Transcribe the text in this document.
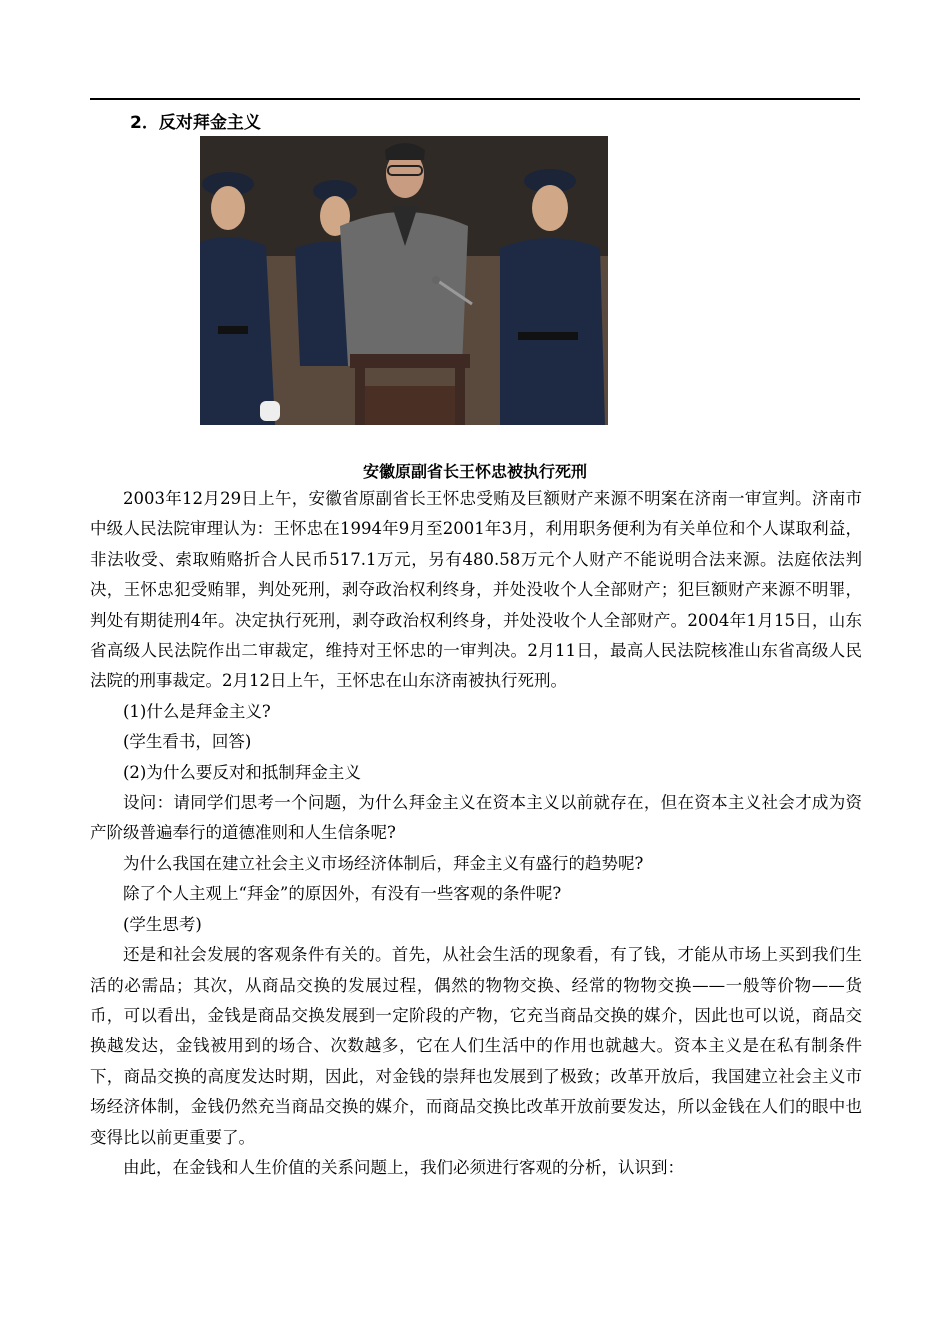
2．反对拜金主义
安徽原副省长王怀忠被执行死刑

2003年12月29日上午，安徽省原副省长王怀忠受贿及巨额财产来源不明案在济南一审宣判。济南市中级人民法院审理认为：王怀忠在1994年9月至2001年3月，利用职务便利为有关单位和个人谋取利益，非法收受、索取贿赂折合人民币517.1万元，另有480.58万元个人财产不能说明合法来源。法庭依法判决，王怀忠犯受贿罪，判处死刑，剥夺政治权利终身，并处没收个人全部财产；犯巨额财产来源不明罪，判处有期徒刑4年。决定执行死刑，剥夺政治权利终身，并处没收个人全部财产。2004年1月15日，山东省高级人民法院作出二审裁定，维持对王怀忠的一审判决。2月11日，最高人民法院核准山东省高级人民法院的刑事裁定。2月12日上午，王怀忠在山东济南被执行死刑。

(1)什么是拜金主义?

(学生看书，回答)

(2)为什么要反对和抵制拜金主义

设问：请同学们思考一个问题，为什么拜金主义在资本主义以前就存在，但在资本主义社会才成为资产阶级普遍奉行的道德准则和人生信条呢?

为什么我国在建立社会主义市场经济体制后，拜金主义有盛行的趋势呢?

除了个人主观上“拜金”的原因外，有没有一些客观的条件呢?

(学生思考)

还是和社会发展的客观条件有关的。首先，从社会生活的现象看，有了钱，才能从市场上买到我们生活的必需品；其次，从商品交换的发展过程，偶然的物物交换、经常的物物交换——一般等价物——货币，可以看出，金钱是商品交换发展到一定阶段的产物，它充当商品交换的媒介，因此也可以说，商品交换越发达，金钱被用到的场合、次数越多，它在人们生活中的作用也就越大。资本主义是在私有制条件下，商品交换的高度发达时期，因此，对金钱的崇拜也发展到了极致；改革开放后，我国建立社会主义市场经济体制，金钱仍然充当商品交换的媒介，而商品交换比改革开放前要发达，所以金钱在人们的眼中也变得比以前更重要了。

由此，在金钱和人生价值的关系问题上，我们必须进行客观的分析，认识到：
